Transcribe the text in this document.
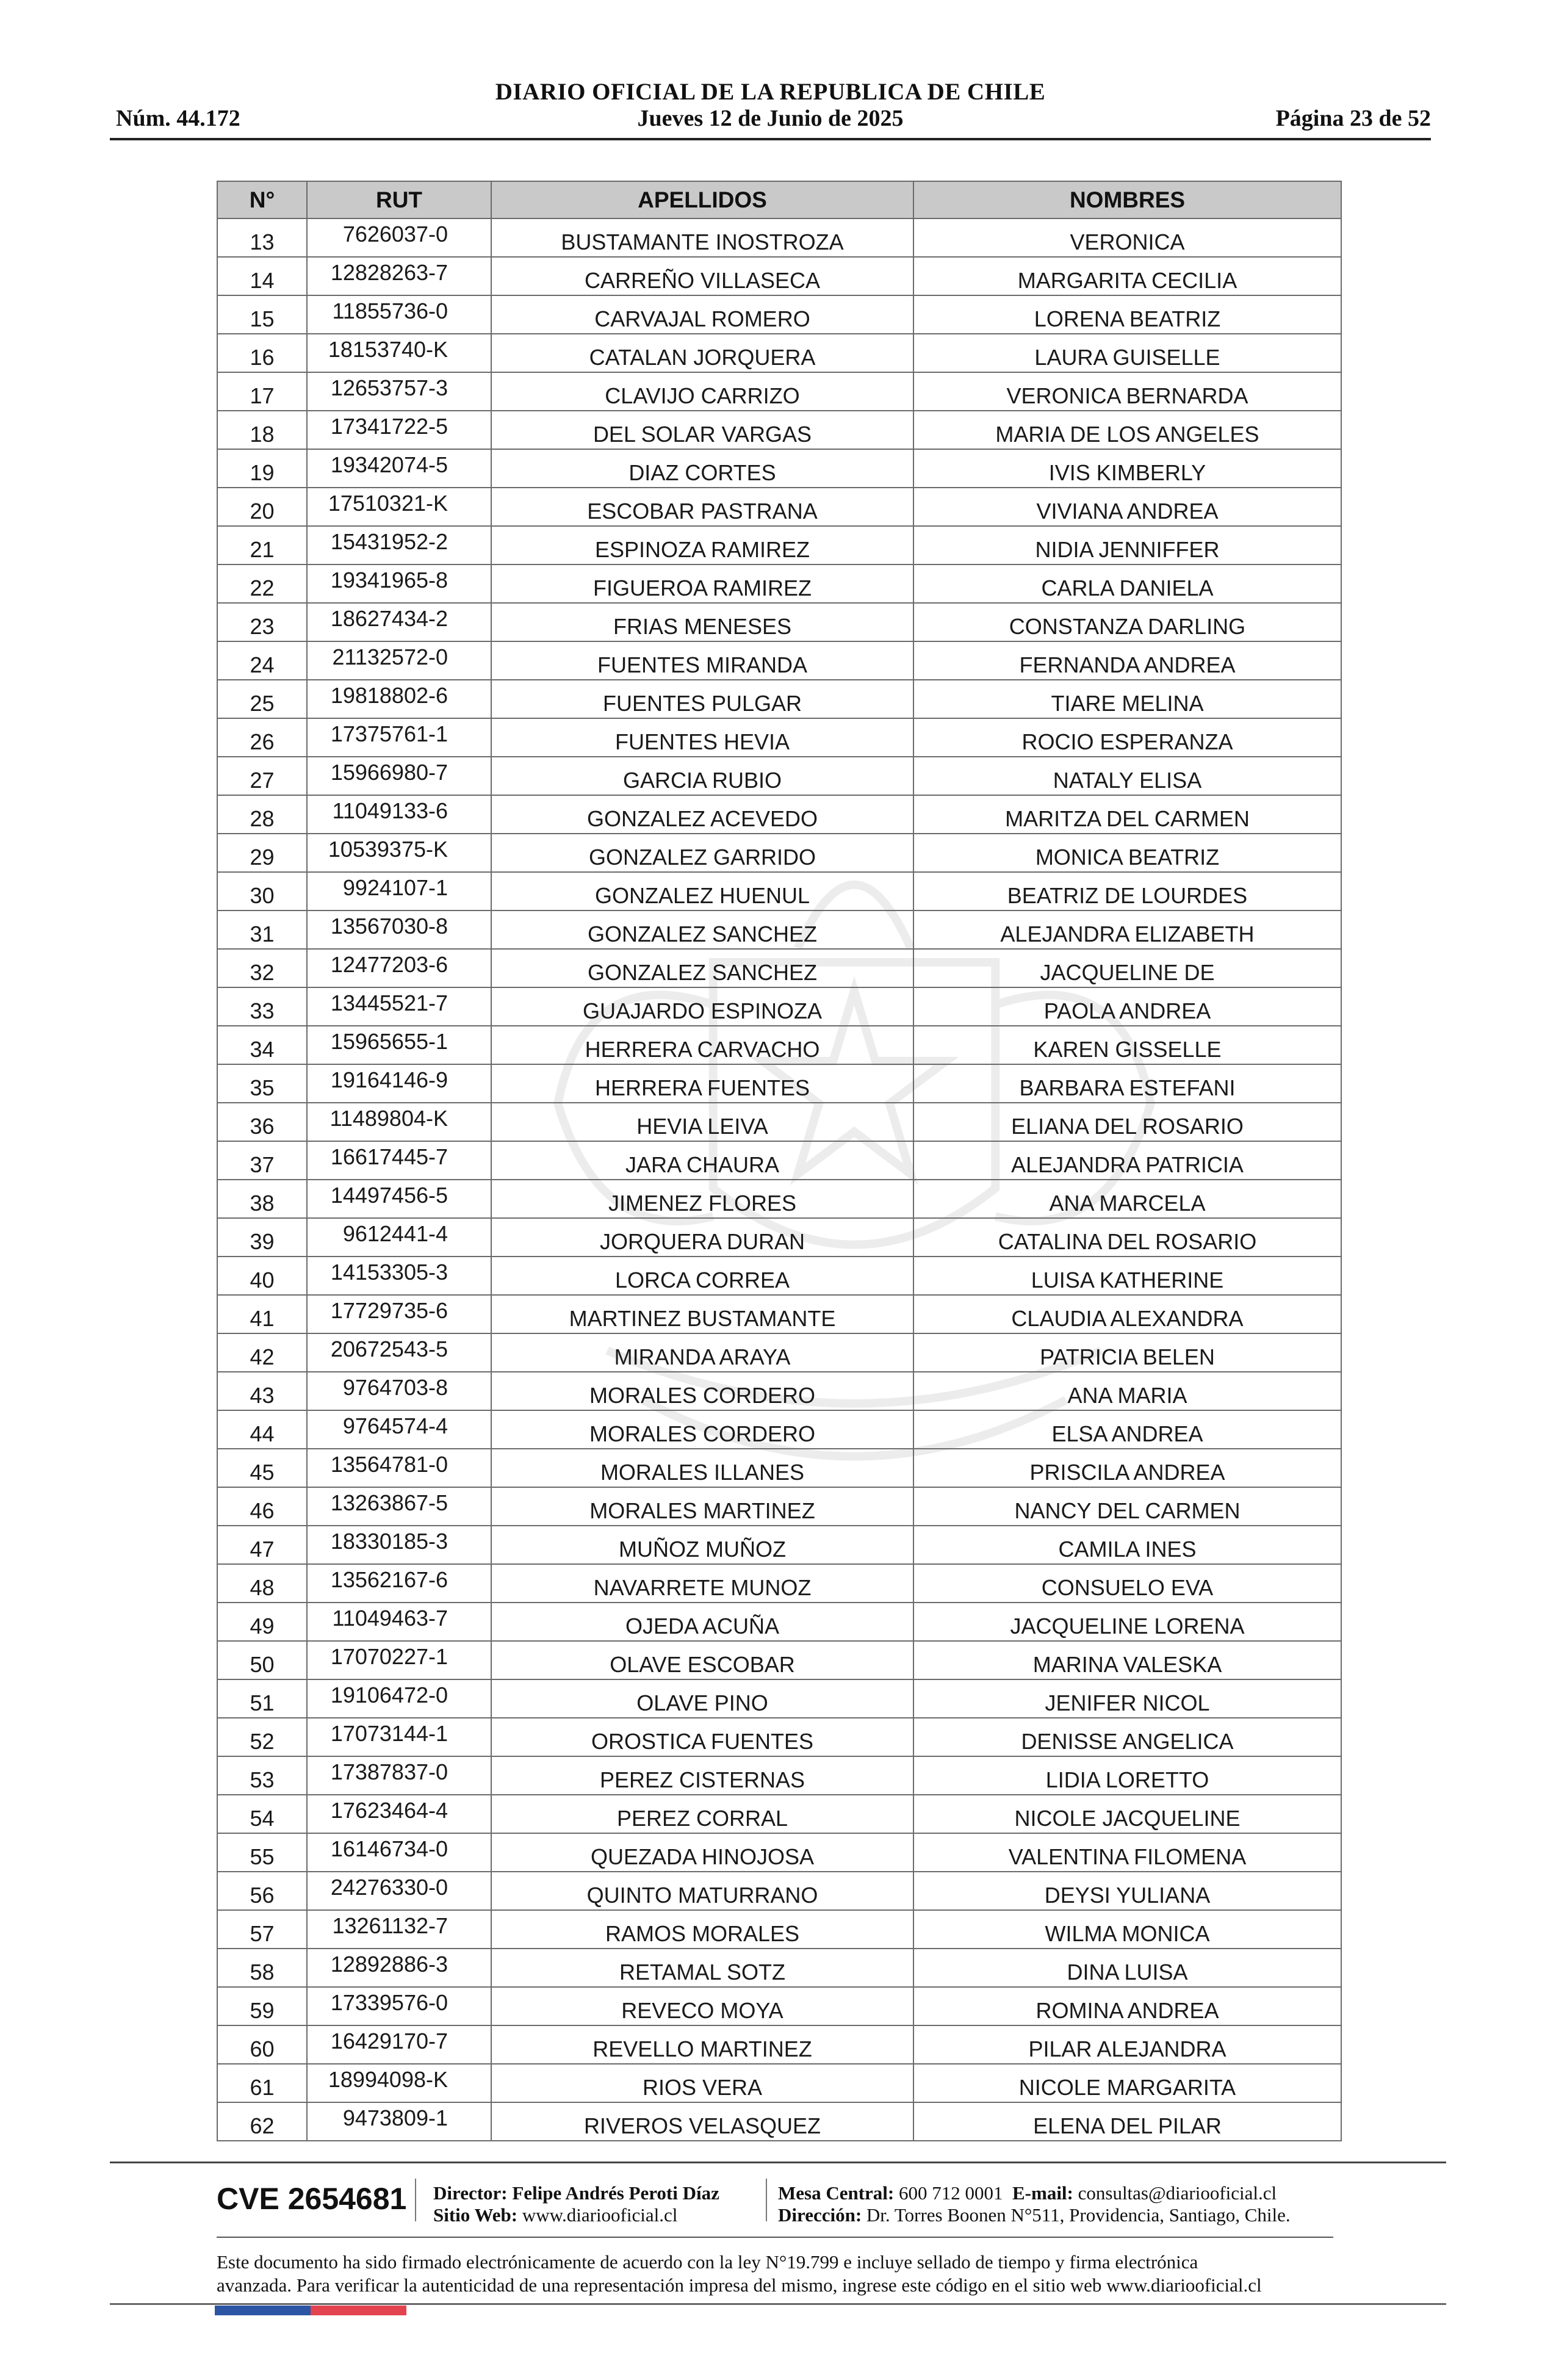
DIARIO OFICIAL DE LA REPUBLICA DE CHILE
Núm. 44.172	Jueves 12 de Junio de 2025	Página 23 de 52
N°	RUT	APELLIDOS	NOMBRES
13	7626037-0	BUSTAMANTE INOSTROZA	VERONICA
14	12828263-7	CARREÑO VILLASECA	MARGARITA CECILIA
15	11855736-0	CARVAJAL ROMERO	LORENA BEATRIZ
16	18153740-K	CATALAN JORQUERA	LAURA GUISELLE
17	12653757-3	CLAVIJO CARRIZO	VERONICA BERNARDA
18	17341722-5	DEL SOLAR VARGAS	MARIA DE LOS ANGELES
19	19342074-5	DIAZ CORTES	IVIS KIMBERLY
20	17510321-K	ESCOBAR PASTRANA	VIVIANA ANDREA
21	15431952-2	ESPINOZA RAMIREZ	NIDIA JENNIFFER
22	19341965-8	FIGUEROA RAMIREZ	CARLA DANIELA
23	18627434-2	FRIAS MENESES	CONSTANZA DARLING
24	21132572-0	FUENTES MIRANDA	FERNANDA ANDREA
25	19818802-6	FUENTES PULGAR	TIARE MELINA
26	17375761-1	FUENTES HEVIA	ROCIO ESPERANZA
27	15966980-7	GARCIA RUBIO	NATALY ELISA
28	11049133-6	GONZALEZ ACEVEDO	MARITZA DEL CARMEN
29	10539375-K	GONZALEZ GARRIDO	MONICA BEATRIZ
30	9924107-1	GONZALEZ HUENUL	BEATRIZ DE LOURDES
31	13567030-8	GONZALEZ SANCHEZ	ALEJANDRA ELIZABETH
32	12477203-6	GONZALEZ SANCHEZ	JACQUELINE DE
33	13445521-7	GUAJARDO ESPINOZA	PAOLA ANDREA
34	15965655-1	HERRERA CARVACHO	KAREN GISSELLE
35	19164146-9	HERRERA FUENTES	BARBARA ESTEFANI
36	11489804-K	HEVIA LEIVA	ELIANA DEL ROSARIO
37	16617445-7	JARA CHAURA	ALEJANDRA PATRICIA
38	14497456-5	JIMENEZ FLORES	ANA MARCELA
39	9612441-4	JORQUERA DURAN	CATALINA DEL ROSARIO
40	14153305-3	LORCA CORREA	LUISA KATHERINE
41	17729735-6	MARTINEZ BUSTAMANTE	CLAUDIA ALEXANDRA
42	20672543-5	MIRANDA ARAYA	PATRICIA BELEN
43	9764703-8	MORALES CORDERO	ANA MARIA
44	9764574-4	MORALES CORDERO	ELSA ANDREA
45	13564781-0	MORALES ILLANES	PRISCILA ANDREA
46	13263867-5	MORALES MARTINEZ	NANCY DEL CARMEN
47	18330185-3	MUÑOZ MUÑOZ	CAMILA INES
48	13562167-6	NAVARRETE MUNOZ	CONSUELO EVA
49	11049463-7	OJEDA ACUÑA	JACQUELINE LORENA
50	17070227-1	OLAVE ESCOBAR	MARINA VALESKA
51	19106472-0	OLAVE PINO	JENIFER NICOL
52	17073144-1	OROSTICA FUENTES	DENISSE ANGELICA
53	17387837-0	PEREZ CISTERNAS	LIDIA LORETTO
54	17623464-4	PEREZ CORRAL	NICOLE JACQUELINE
55	16146734-0	QUEZADA HINOJOSA	VALENTINA FILOMENA
56	24276330-0	QUINTO MATURRANO	DEYSI YULIANA
57	13261132-7	RAMOS MORALES	WILMA MONICA
58	12892886-3	RETAMAL SOTZ	DINA LUISA
59	17339576-0	REVECO MOYA	ROMINA ANDREA
60	16429170-7	REVELLO MARTINEZ	PILAR ALEJANDRA
61	18994098-K	RIOS VERA	NICOLE MARGARITA
62	9473809-1	RIVEROS VELASQUEZ	ELENA DEL PILAR
CVE 2654681 Director: Felipe Andrés Peroti Díaz
Sitio Web: www.diariooficial.cl
Mesa Central: 600 712 0001 E-mail: consultas@diariooficial.cl
Dirección: Dr. Torres Boonen N°511, Providencia, Santiago, Chile.
Este documento ha sido firmado electrónicamente de acuerdo con la ley N°19.799 e incluye sellado de tiempo y firma electrónica
avanzada. Para verificar la autenticidad de una representación impresa del mismo, ingrese este código en el sitio web www.diariooficial.cl
